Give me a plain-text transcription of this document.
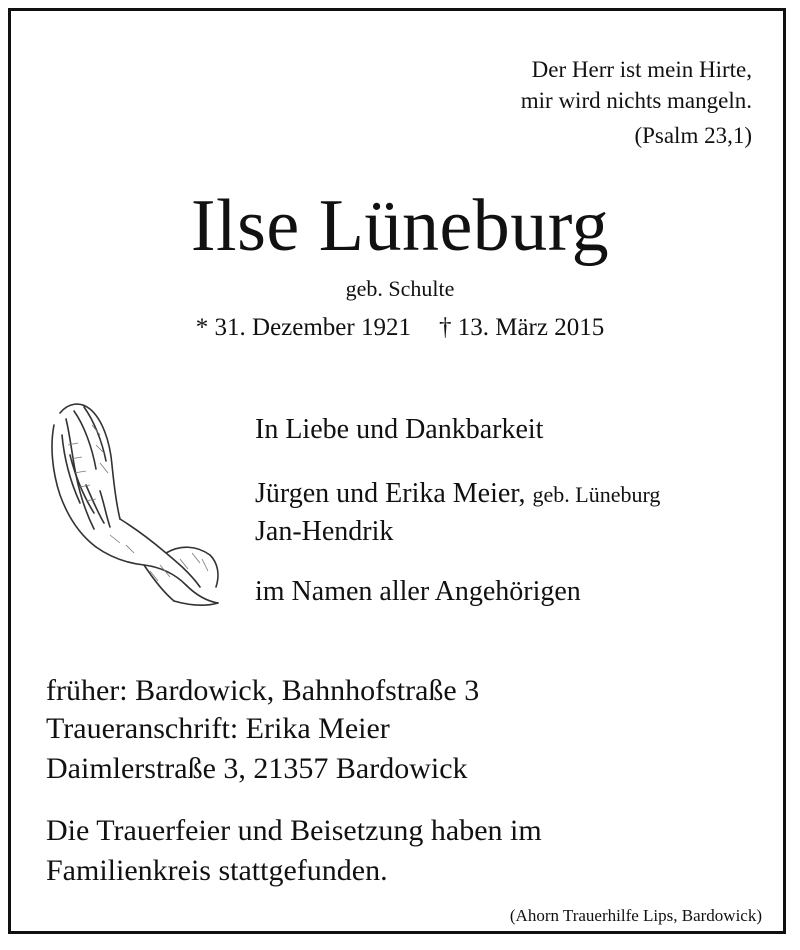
Der Herr ist mein Hirte,
mir wird nichts mangeln.
(Psalm 23,1)
Ilse Lüneburg
geb. Schulte
* 31. Dezember 1921 † 13. März 2015
In Liebe und Dankbarkeit
Jürgen und Erika Meier, geb. Lüneburg
Jan-Hendrik
im Namen aller Angehörigen
früher: Bardowick, Bahnhofstraße 3
Traueranschrift: Erika Meier
Daimlerstraße 3, 21357 Bardowick
Die Trauerfeier und Beisetzung haben im
Familienkreis stattgefunden.
(Ahorn Trauerhilfe Lips, Bardowick)
